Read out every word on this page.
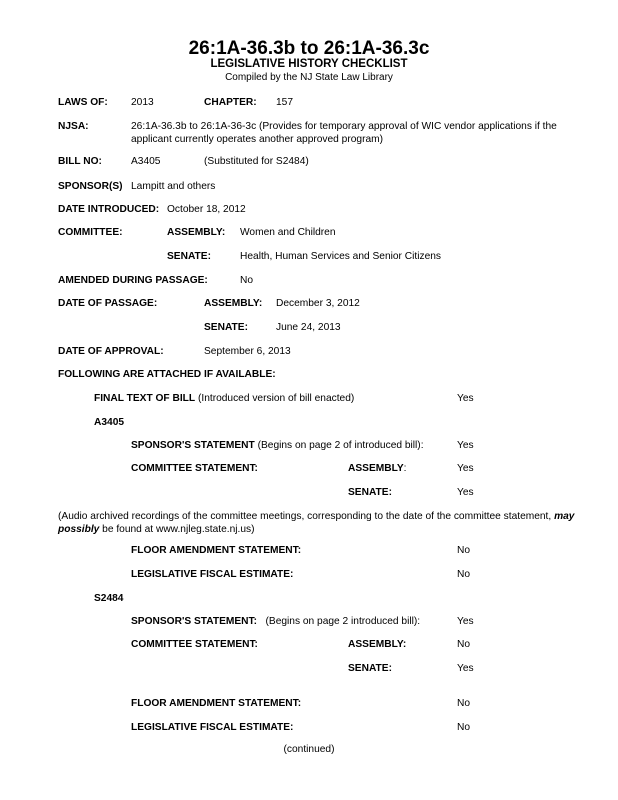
26:1A-36.3b to 26:1A-36.3c
LEGISLATIVE HISTORY CHECKLIST
Compiled by the NJ State Law Library
LAWS OF: 2013	CHAPTER: 157
NJSA:	26:1A-36.3b to 26:1A-36-3c (Provides for temporary approval of WIC vendor applications if the applicant currently operates another approved program)
BILL NO:	A3405	(Substituted for S2484)
SPONSOR(S) Lampitt and others
DATE INTRODUCED: October 18, 2012
COMMITTEE:	ASSEMBLY: Women and Children
SENATE:	Health, Human Services and Senior Citizens
AMENDED DURING PASSAGE:	No
DATE OF PASSAGE:	ASSEMBLY: December 3, 2012
SENATE:	June 24, 2013
DATE OF APPROVAL:	September 6, 2013
FOLLOWING ARE ATTACHED IF AVAILABLE:
FINAL TEXT OF BILL (Introduced version of bill enacted)	Yes
A3405
SPONSOR'S STATEMENT (Begins on page 2 of introduced bill):	Yes
COMMITTEE STATEMENT:	ASSEMBLY:	Yes
SENATE:	Yes
(Audio archived recordings of the committee meetings, corresponding to the date of the committee statement, may possibly be found at www.njleg.state.nj.us)
FLOOR AMENDMENT STATEMENT:	No
LEGISLATIVE FISCAL ESTIMATE:	No
S2484
SPONSOR'S STATEMENT: (Begins on page 2 introduced bill):	Yes
COMMITTEE STATEMENT:	ASSEMBLY:	No
SENATE:	Yes
FLOOR AMENDMENT STATEMENT:	No
LEGISLATIVE FISCAL ESTIMATE:	No
(continued)
